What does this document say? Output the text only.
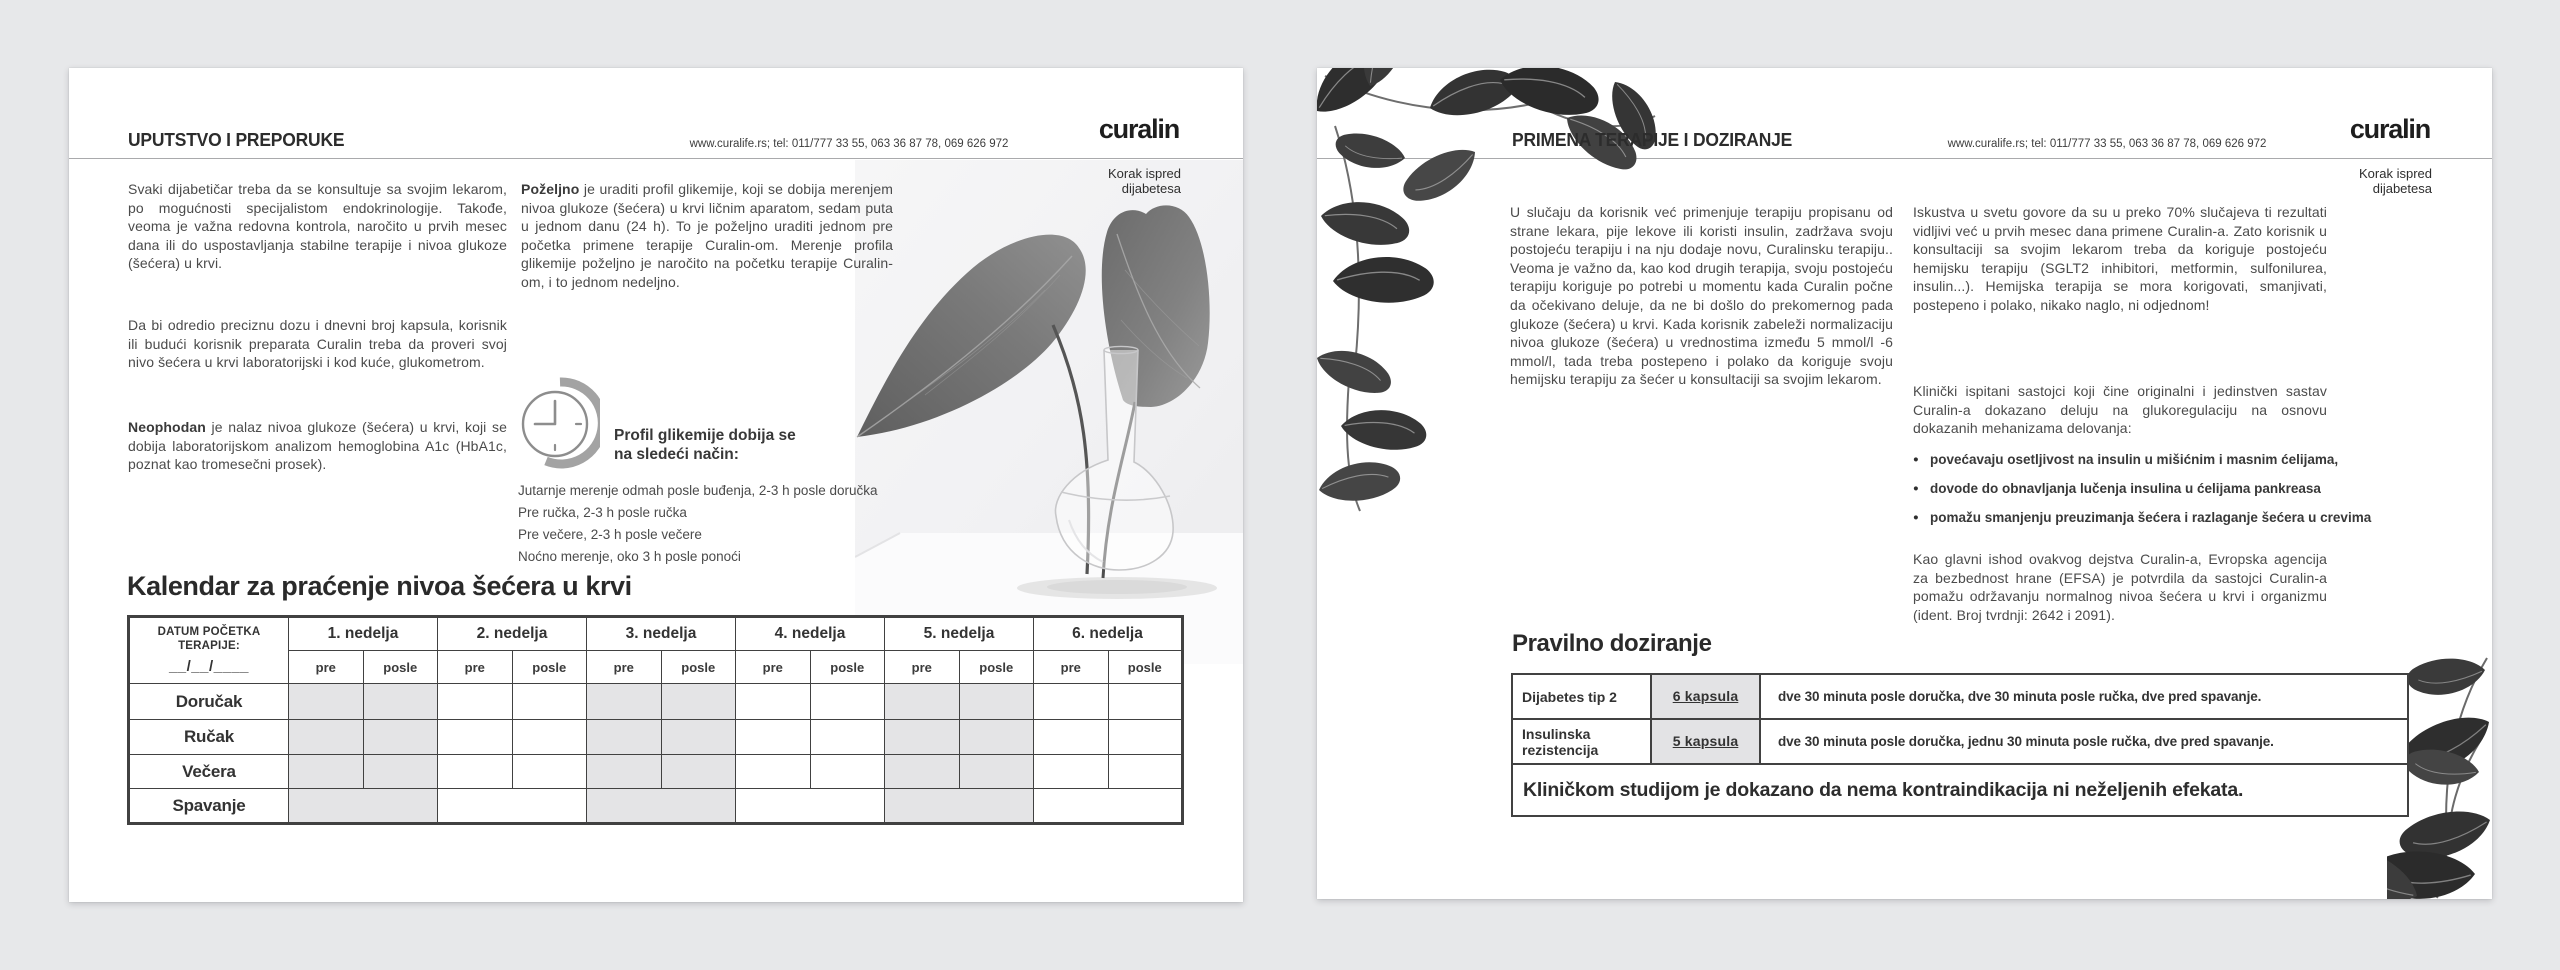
UPUTSTVO I PREPORUKE	www.curalife.rs; tel: 011/777 33 55, 063 36 87 78, 069 626 972	curalin
Korak ispred
dijabetesa

Svaki dijabetičar treba da se konsultuje sa svojim lekarom, po mogućnosti specijalistom endokrinologije. Takođe, veoma je važna redovna kontrola, naročito u prvih mesec dana ili do uspostavljanja stabilne terapije i nivoa glukoze (šećera) u krvi.

Da bi odredio preciznu dozu i dnevni broj kapsula, korisnik ili budući korisnik preparata Curalin treba da proveri svoj nivo šećera u krvi laboratorijski i kod kuće, glukometrom.

Neophodan je nalaz nivoa glukoze (šećera) u krvi, koji se dobija laboratorijskom analizom hemoglobina A1c (HbA1c, poznat kao tromesečni prosek).

Poželjno je uraditi profil glikemije, koji se dobija merenjem nivoa glukoze (šećera) u krvi ličnim aparatom, sedam puta u jednom danu (24 h). To je poželjno uraditi jednom pre početka primene terapije Curalin-om. Merenje profila glikemije poželjno je naročito na početku terapije Curalin-om, i to jednom nedeljno.

Profil glikemije dobija se
na sledeći način:
Jutarnje merenje odmah posle buđenja, 2-3 h posle doručka
Pre ručka, 2-3 h posle ručka
Pre večere, 2-3 h posle večere
Noćno merenje, oko 3 h posle ponoći
Kalendar za praćenje nivoa šećera u krvi
DATUM POČETKA
TERAPIJE:
__/__/____	1. nedelja		2. nedelja		3. nedelja		4. nedelja		5. nedelja		6. nedelja	
	pre	posle	pre	posle	pre	posle	pre	posle	pre	posle	pre	posle
Doručak												
Ručak												
Večera												
Spavanje												
PRIMENA TERAPIJE I DOZIRANJE	www.curalife.rs; tel: 011/777 33 55, 063 36 87 78, 069 626 972	curalin
Korak ispred
dijabetesa

U slučaju da korisnik već primenjuje terapiju propisanu od strane lekara, pije lekove ili koristi insulin, zadržava svoju postojeću terapiju i na nju dodaje novu, Curalinsku terapiju.. Veoma je važno da, kao kod drugih terapija, svoju postojeću terapiju koriguje po potrebi u momentu kada Curalin počne da očekivano deluje, da ne bi došlo do prekomernog pada glukoze (šećera) u krvi. Kada korisnik zabeleži normalizaciju nivoa glukoze (šećera) u vrednostima između 5 mmol/l -6 mmol/l, tada treba postepeno i polako da koriguje svoju hemijsku terapiju za šećer u konsultaciji sa svojim lekarom.

Iskustva u svetu govore da su u preko 70% slučajeva ti rezultati vidljivi već u prvih mesec dana primene Curalin-a. Zato korisnik u konsultaciji sa svojim lekarom treba da koriguje postojeću hemijsku terapiju (SGLT2 inhibitori, metformin, sulfonilurea, insulin...). Hemijska terapija se mora korigovati, smanjivati, postepeno i polako, nikako naglo, ni odjednom!

Klinički ispitani sastojci koji čine originalni i jedinstven sastav Curalin-a dokazano deluju na glukoregulaciju na osnovu dokazanih mehanizama delovanja:

● povećavaju osetljivost na insulin u mišićnim i masnim ćelijama,
● dovode do obnavljanja lučenja insulina u ćelijama pankreasa
● pomažu smanjenju preuzimanja šećera i razlaganje šećera u crevima

Kao glavni ishod ovakvog dejstva Curalin-a, Evropska agencija za bezbednost hrane (EFSA) je potvrdila da sastojci Curalin-a pomažu održavanju normalnog nivoa šećera u krvi i organizmu (ident. Broj tvrdnji: 2642 i 2091).

Pravilno doziranje
Dijabetes tip 2	6 kapsula	dve 30 minuta posle doručka, dve 30 minuta posle ručka, dve pred spavanje.
Insulinska rezistencija	5 kapsula	dve 30 minuta posle doručka, jednu 30 minuta posle ručka, dve pred spavanje.
Kliničkom studijom je dokazano da nema kontraindikacija ni neželjenih efekata.		
